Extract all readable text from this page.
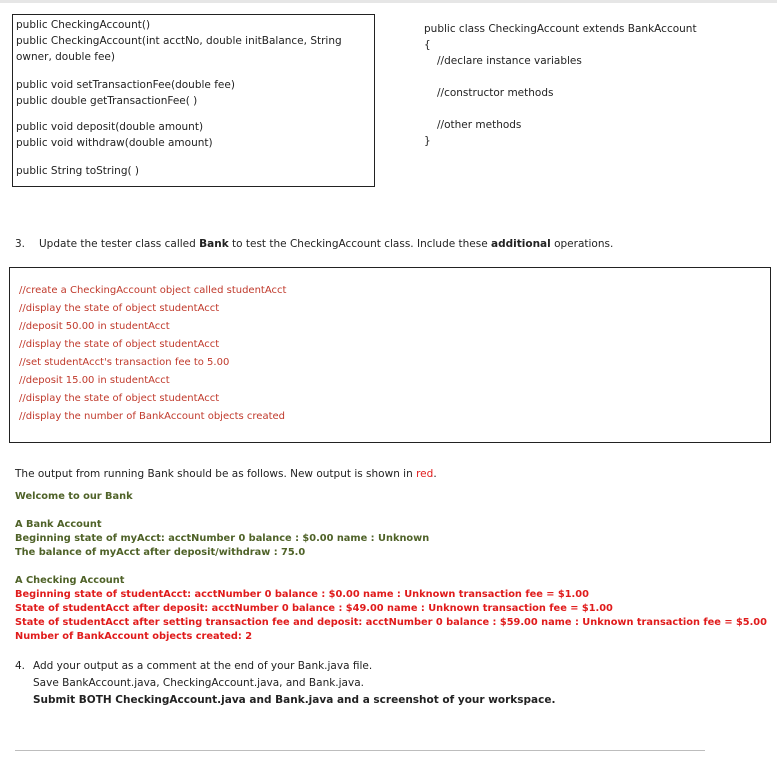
public CheckingAccount()
public CheckingAccount(int acctNo, double initBalance, String
owner, double fee)
public void setTransactionFee(double fee)
public double getTransactionFee( )
public void deposit(double amount)
public void withdraw(double amount)
public String toString( )
public class CheckingAccount extends BankAccount
{
//declare instance variables
//constructor methods
//other methods
}
3. Update the tester class called Bank to test the CheckingAccount class. Include these additional operations.
//create a CheckingAccount object called studentAcct
//display the state of object studentAcct
//deposit 50.00 in studentAcct
//display the state of object studentAcct
//set studentAcct's transaction fee to 5.00
//deposit 15.00 in studentAcct
//display the state of object studentAcct
//display the number of BankAccount objects created
The output from running Bank should be as follows. New output is shown in red.
Welcome to our Bank
A Bank Account
Beginning state of myAcct: acctNumber 0 balance : $0.00 name : Unknown
The balance of myAcct after deposit/withdraw : 75.0
A Checking Account
Beginning state of studentAcct: acctNumber 0 balance : $0.00 name : Unknown transaction fee = $1.00
State of studentAcct after deposit: acctNumber 0 balance : $49.00 name : Unknown transaction fee = $1.00
State of studentAcct after setting transaction fee and deposit: acctNumber 0 balance : $59.00 name : Unknown transaction fee = $5.00
Number of BankAccount objects created: 2
4. Add your output as a comment at the end of your Bank.java file.
Save BankAccount.java, CheckingAccount.java, and Bank.java.
Submit BOTH CheckingAccount.java and Bank.java and a screenshot of your workspace.
